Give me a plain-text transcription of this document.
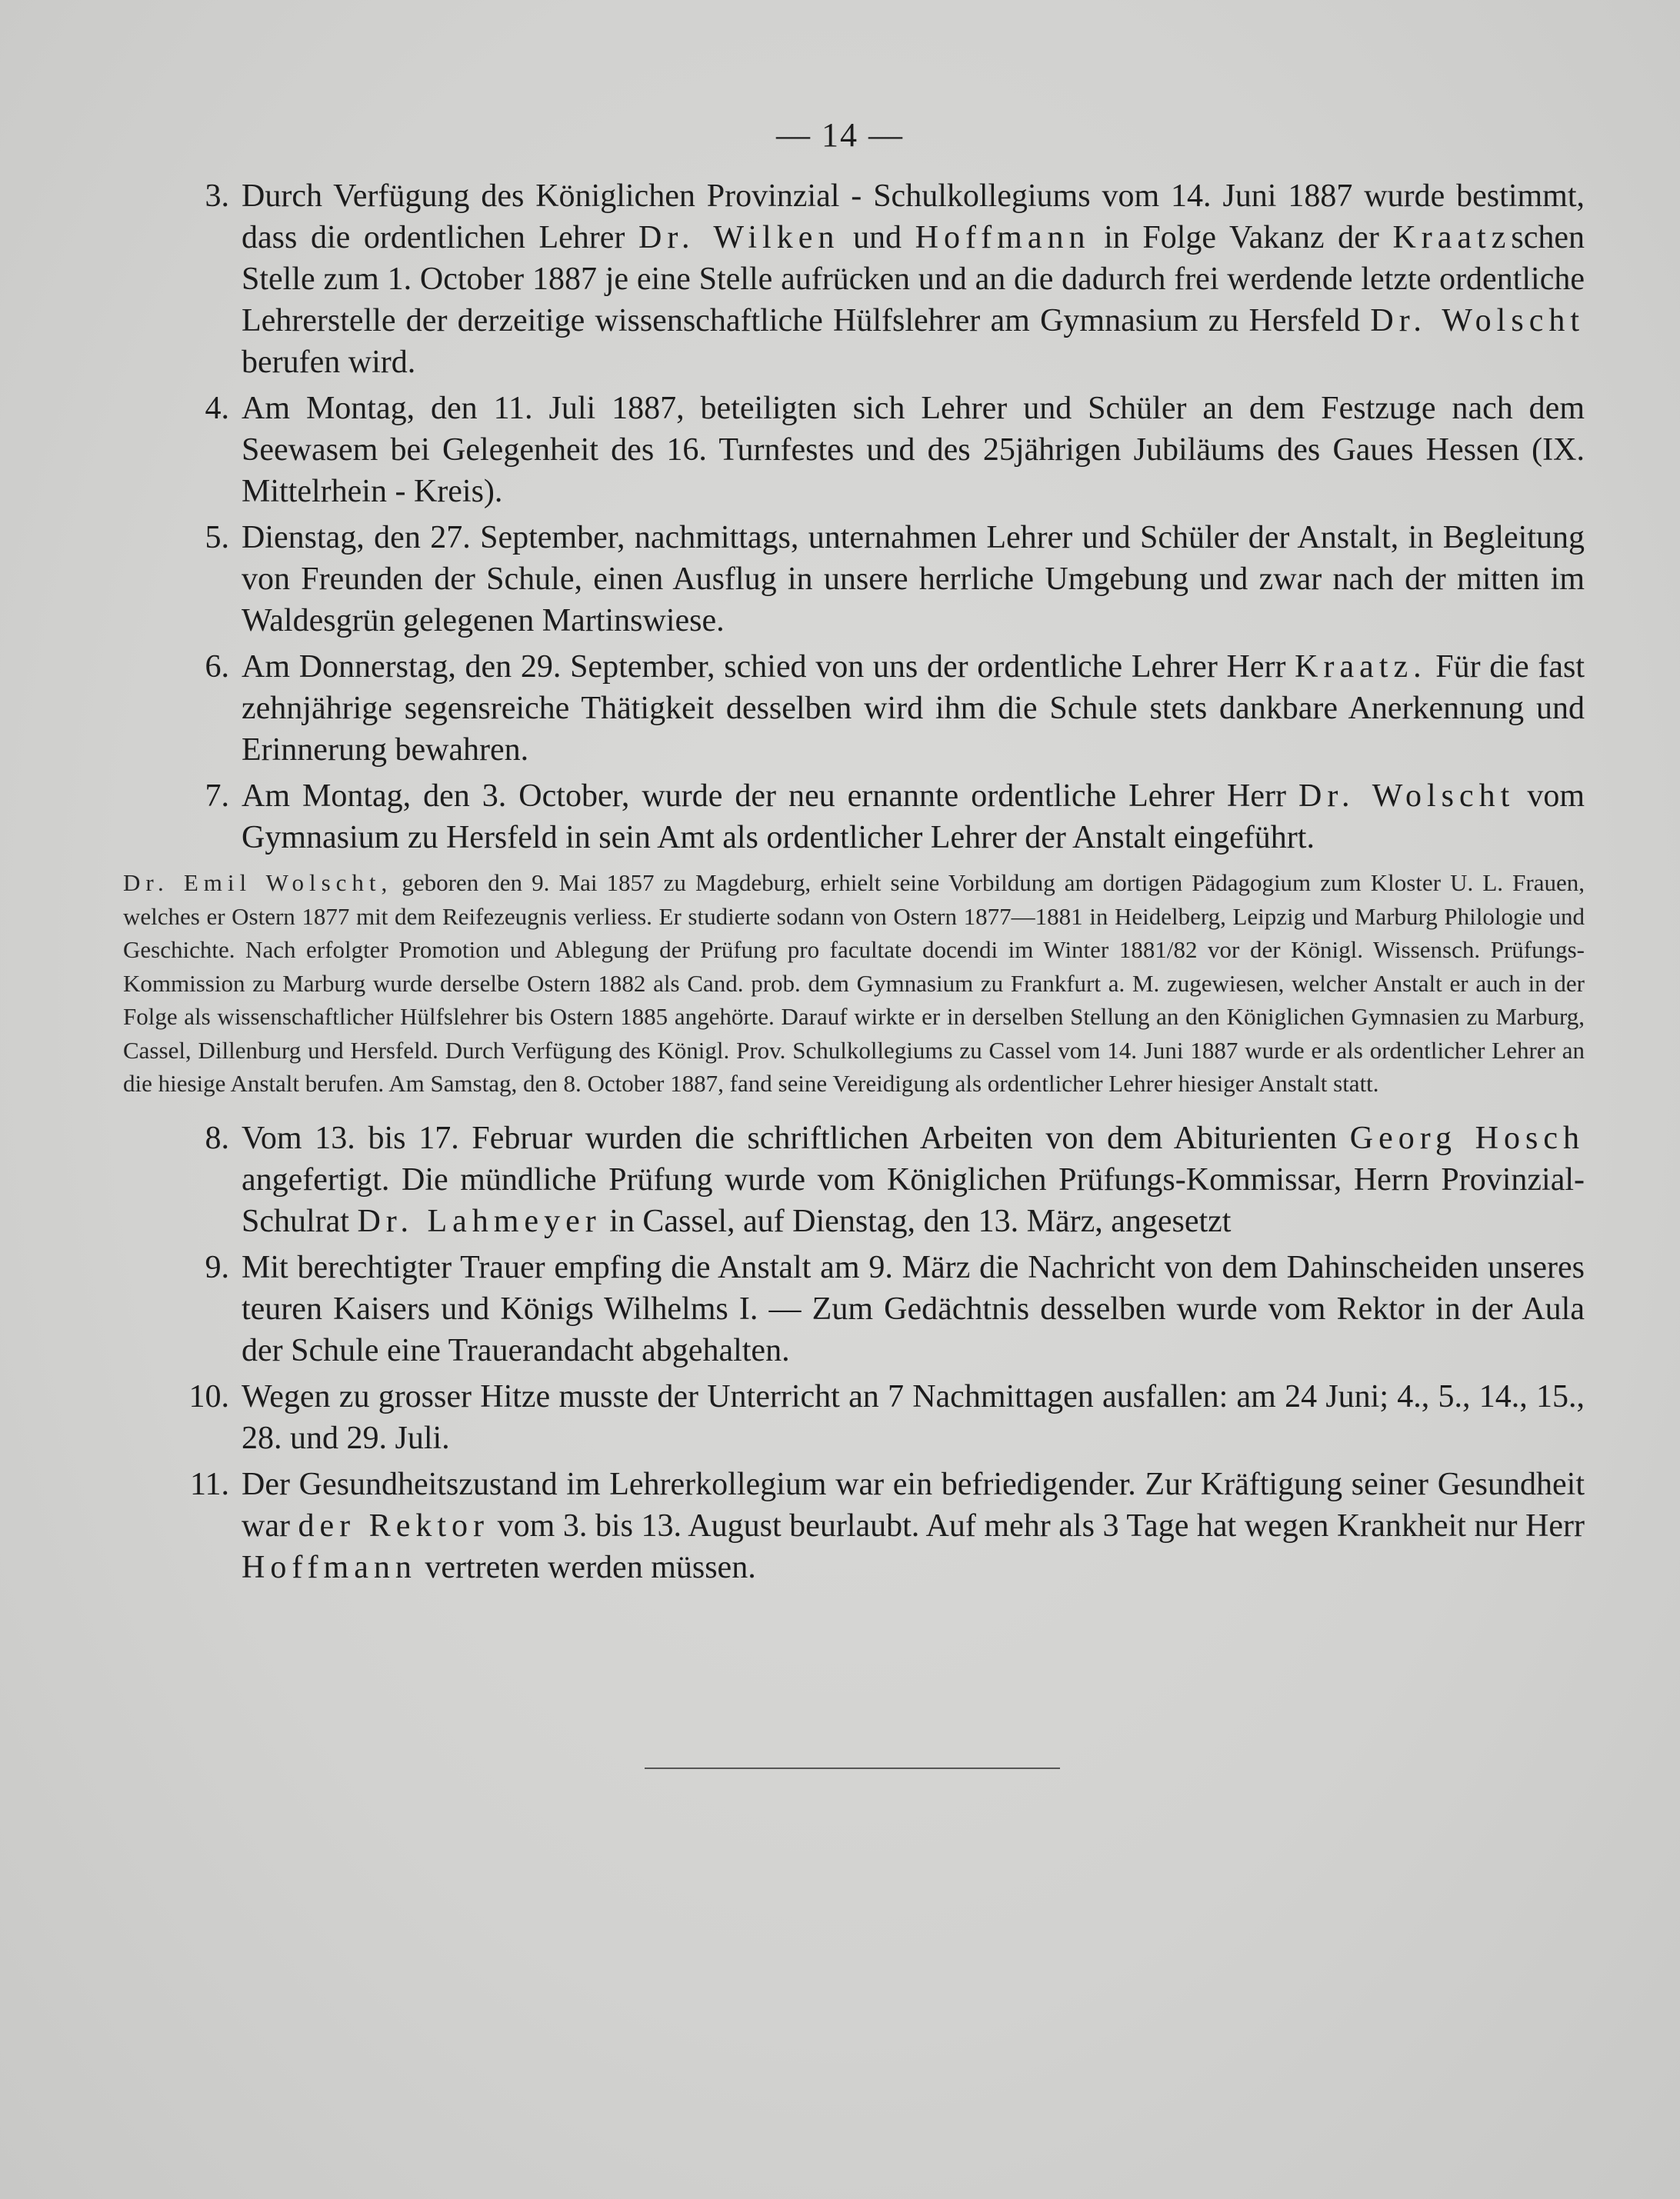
— 14 —
3. Durch Verfügung des Königlichen Provinzial - Schulkollegiums vom 14. Juni 1887 wurde bestimmt, dass die ordentlichen Lehrer Dr. Wilken und Hoffmann in Folge Vakanz der Kraatzschen Stelle zum 1. October 1887 je eine Stelle aufrücken und an die dadurch frei werdende letzte ordentliche Lehrerstelle der derzeitige wissenschaftliche Hülfslehrer am Gymnasium zu Hersfeld Dr. Wolscht berufen wird.
4. Am Montag, den 11. Juli 1887, beteiligten sich Lehrer und Schüler an dem Festzuge nach dem Seewasem bei Gelegenheit des 16. Turnfestes und des 25jährigen Jubiläums des Gaues Hessen (IX. Mittelrhein - Kreis).
5. Dienstag, den 27. September, nachmittags, unternahmen Lehrer und Schüler der Anstalt, in Begleitung von Freunden der Schule, einen Ausflug in unsere herrliche Umgebung und zwar nach der mitten im Waldesgrün gelegenen Martinswiese.
6. Am Donnerstag, den 29. September, schied von uns der ordentliche Lehrer Herr Kraatz. Für die fast zehnjährige segensreiche Thätigkeit desselben wird ihm die Schule stets dankbare Anerkennung und Erinnerung bewahren.
7. Am Montag, den 3. October, wurde der neu ernannte ordentliche Lehrer Herr Dr. Wolscht vom Gymnasium zu Hersfeld in sein Amt als ordentlicher Lehrer der Anstalt eingeführt.
Dr. Emil Wolscht, geboren den 9. Mai 1857 zu Magdeburg, erhielt seine Vorbildung am dortigen Pädagogium zum Kloster U. L. Frauen, welches er Ostern 1877 mit dem Reifezeugnis verliess. Er studierte sodann von Ostern 1877—1881 in Heidelberg, Leipzig und Marburg Philologie und Geschichte. Nach erfolgter Promotion und Ablegung der Prüfung pro facultate docendi im Winter 1881/82 vor der Königl. Wissensch. Prüfungs-Kommission zu Marburg wurde derselbe Ostern 1882 als Cand. prob. dem Gymnasium zu Frankfurt a. M. zugewiesen, welcher Anstalt er auch in der Folge als wissenschaftlicher Hülfslehrer bis Ostern 1885 angehörte. Darauf wirkte er in derselben Stellung an den Königlichen Gymnasien zu Marburg, Cassel, Dillenburg und Hersfeld. Durch Verfügung des Königl. Prov. Schulkollegiums zu Cassel vom 14. Juni 1887 wurde er als ordentlicher Lehrer an die hiesige Anstalt berufen. Am Samstag, den 8. October 1887, fand seine Vereidigung als ordentlicher Lehrer hiesiger Anstalt statt.
8. Vom 13. bis 17. Februar wurden die schriftlichen Arbeiten von dem Abiturienten Georg Hosch angefertigt. Die mündliche Prüfung wurde vom Königlichen Prüfungs-Kommissar, Herrn Provinzial-Schulrat Dr. Lahmeyer in Cassel, auf Dienstag, den 13. März, angesetzt
9. Mit berechtigter Trauer empfing die Anstalt am 9. März die Nachricht von dem Dahinscheiden unseres teuren Kaisers und Königs Wilhelms I. — Zum Gedächtnis desselben wurde vom Rektor in der Aula der Schule eine Trauerandacht abgehalten.
10. Wegen zu grosser Hitze musste der Unterricht an 7 Nachmittagen ausfallen: am 24 Juni; 4., 5., 14., 15., 28. und 29. Juli.
11. Der Gesundheitszustand im Lehrerkollegium war ein befriedigender. Zur Kräftigung seiner Gesundheit war der Rektor vom 3. bis 13. August beurlaubt. Auf mehr als 3 Tage hat wegen Krankheit nur Herr Hoffmann vertreten werden müssen.
